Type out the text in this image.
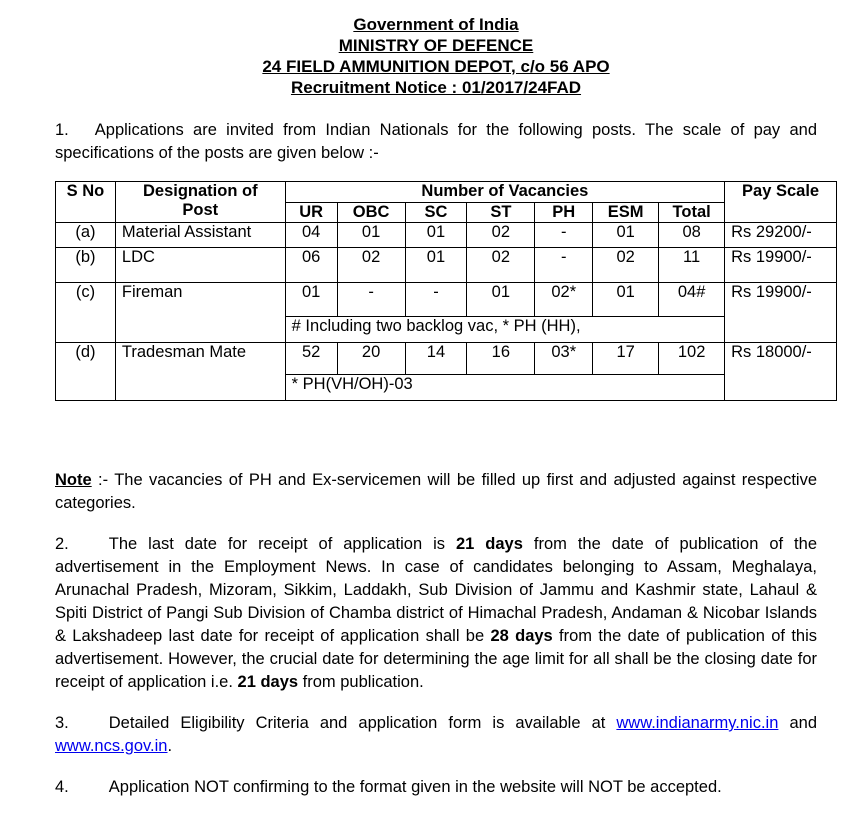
Government of India
MINISTRY OF DEFENCE
24 FIELD AMMUNITION DEPOT, c/o 56 APO
Recruitment Notice : 01/2017/24FAD
1. Applications are invited from Indian Nationals for the following posts. The scale of pay and specifications of the posts are given below :-
S No	Designation of
Post	Number of Vacancies							Pay Scale
		UR	OBC	SC	ST	PH	ESM	Total	
(a)	Material Assistant	04	01	01	02	-	01	08	Rs 29200/-
(b)	LDC	06	02	01	02	-	02	11	Rs 19900/-
(c)	Fireman	01	-	-	01	02*	01	04#	Rs 19900/-
		# Including two backlog vac, * PH (HH),							
(d)	Tradesman Mate	52	20	14	16	03*	17	102	Rs 18000/-
		* PH(VH/OH)-03							
Note :- The vacancies of PH and Ex-servicemen will be filled up first and adjusted against respective categories.
2. The last date for receipt of application is 21 days from the date of publication of the advertisement in the Employment News. In case of candidates belonging to Assam, Meghalaya, Arunachal Pradesh, Mizoram, Sikkim, Laddakh, Sub Division of Jammu and Kashmir state, Lahaul & Spiti District of Pangi Sub Division of Chamba district of Himachal Pradesh, Andaman & Nicobar Islands & Lakshadeep last date for receipt of application shall be 28 days from the date of publication of this advertisement. However, the crucial date for determining the age limit for all shall be the closing date for receipt of application i.e. 21 days from publication.
3. Detailed Eligibility Criteria and application form is available at www.indianarmy.nic.in and www.ncs.gov.in.
4. Application NOT confirming to the format given in the website will NOT be accepted.
